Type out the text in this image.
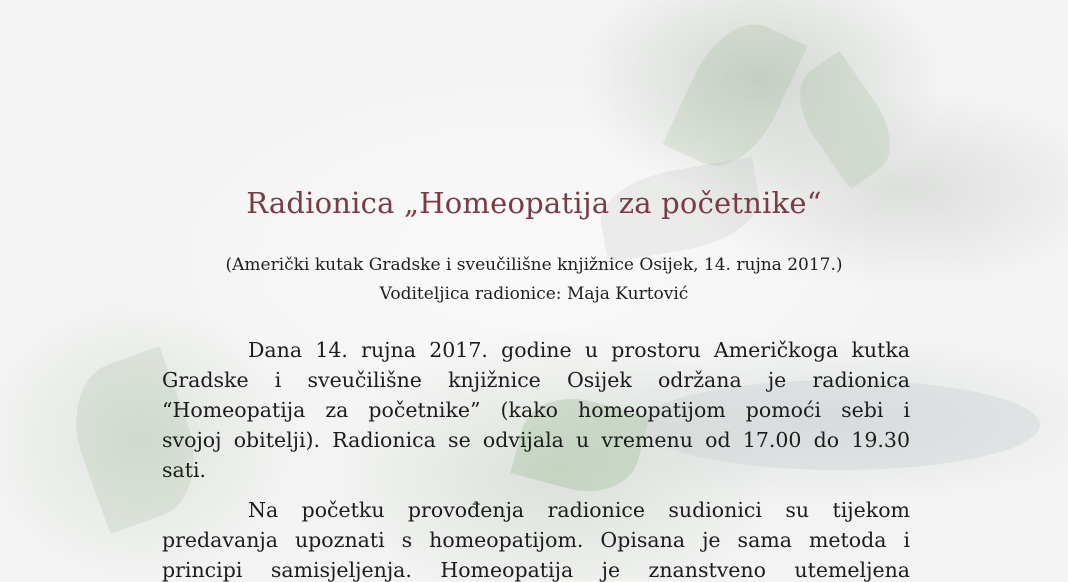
Radionica „Homeopatija za početnike“
(Američki kutak Gradske i sveučilišne knjižnice Osijek, 14. rujna 2017.)
Voditeljica radionice: Maja Kurtović
Dana 14. rujna 2017. godine u prostoru Američkoga kutka
Gradske i sveučilišne knjižnice Osijek održana je radionica
“Homeopatija za početnike” (kako homeopatijom pomoći sebi i
svojoj obitelji). Radionica se odvijala u vremenu od 17.00 do 19.30
sati.
Na početku provođenja radionice sudionici su tijekom
predavanja upoznati s homeopatijom. Opisana je sama metoda i
principi samisjeljenja. Homeopatija je znanstveno utemeljena
